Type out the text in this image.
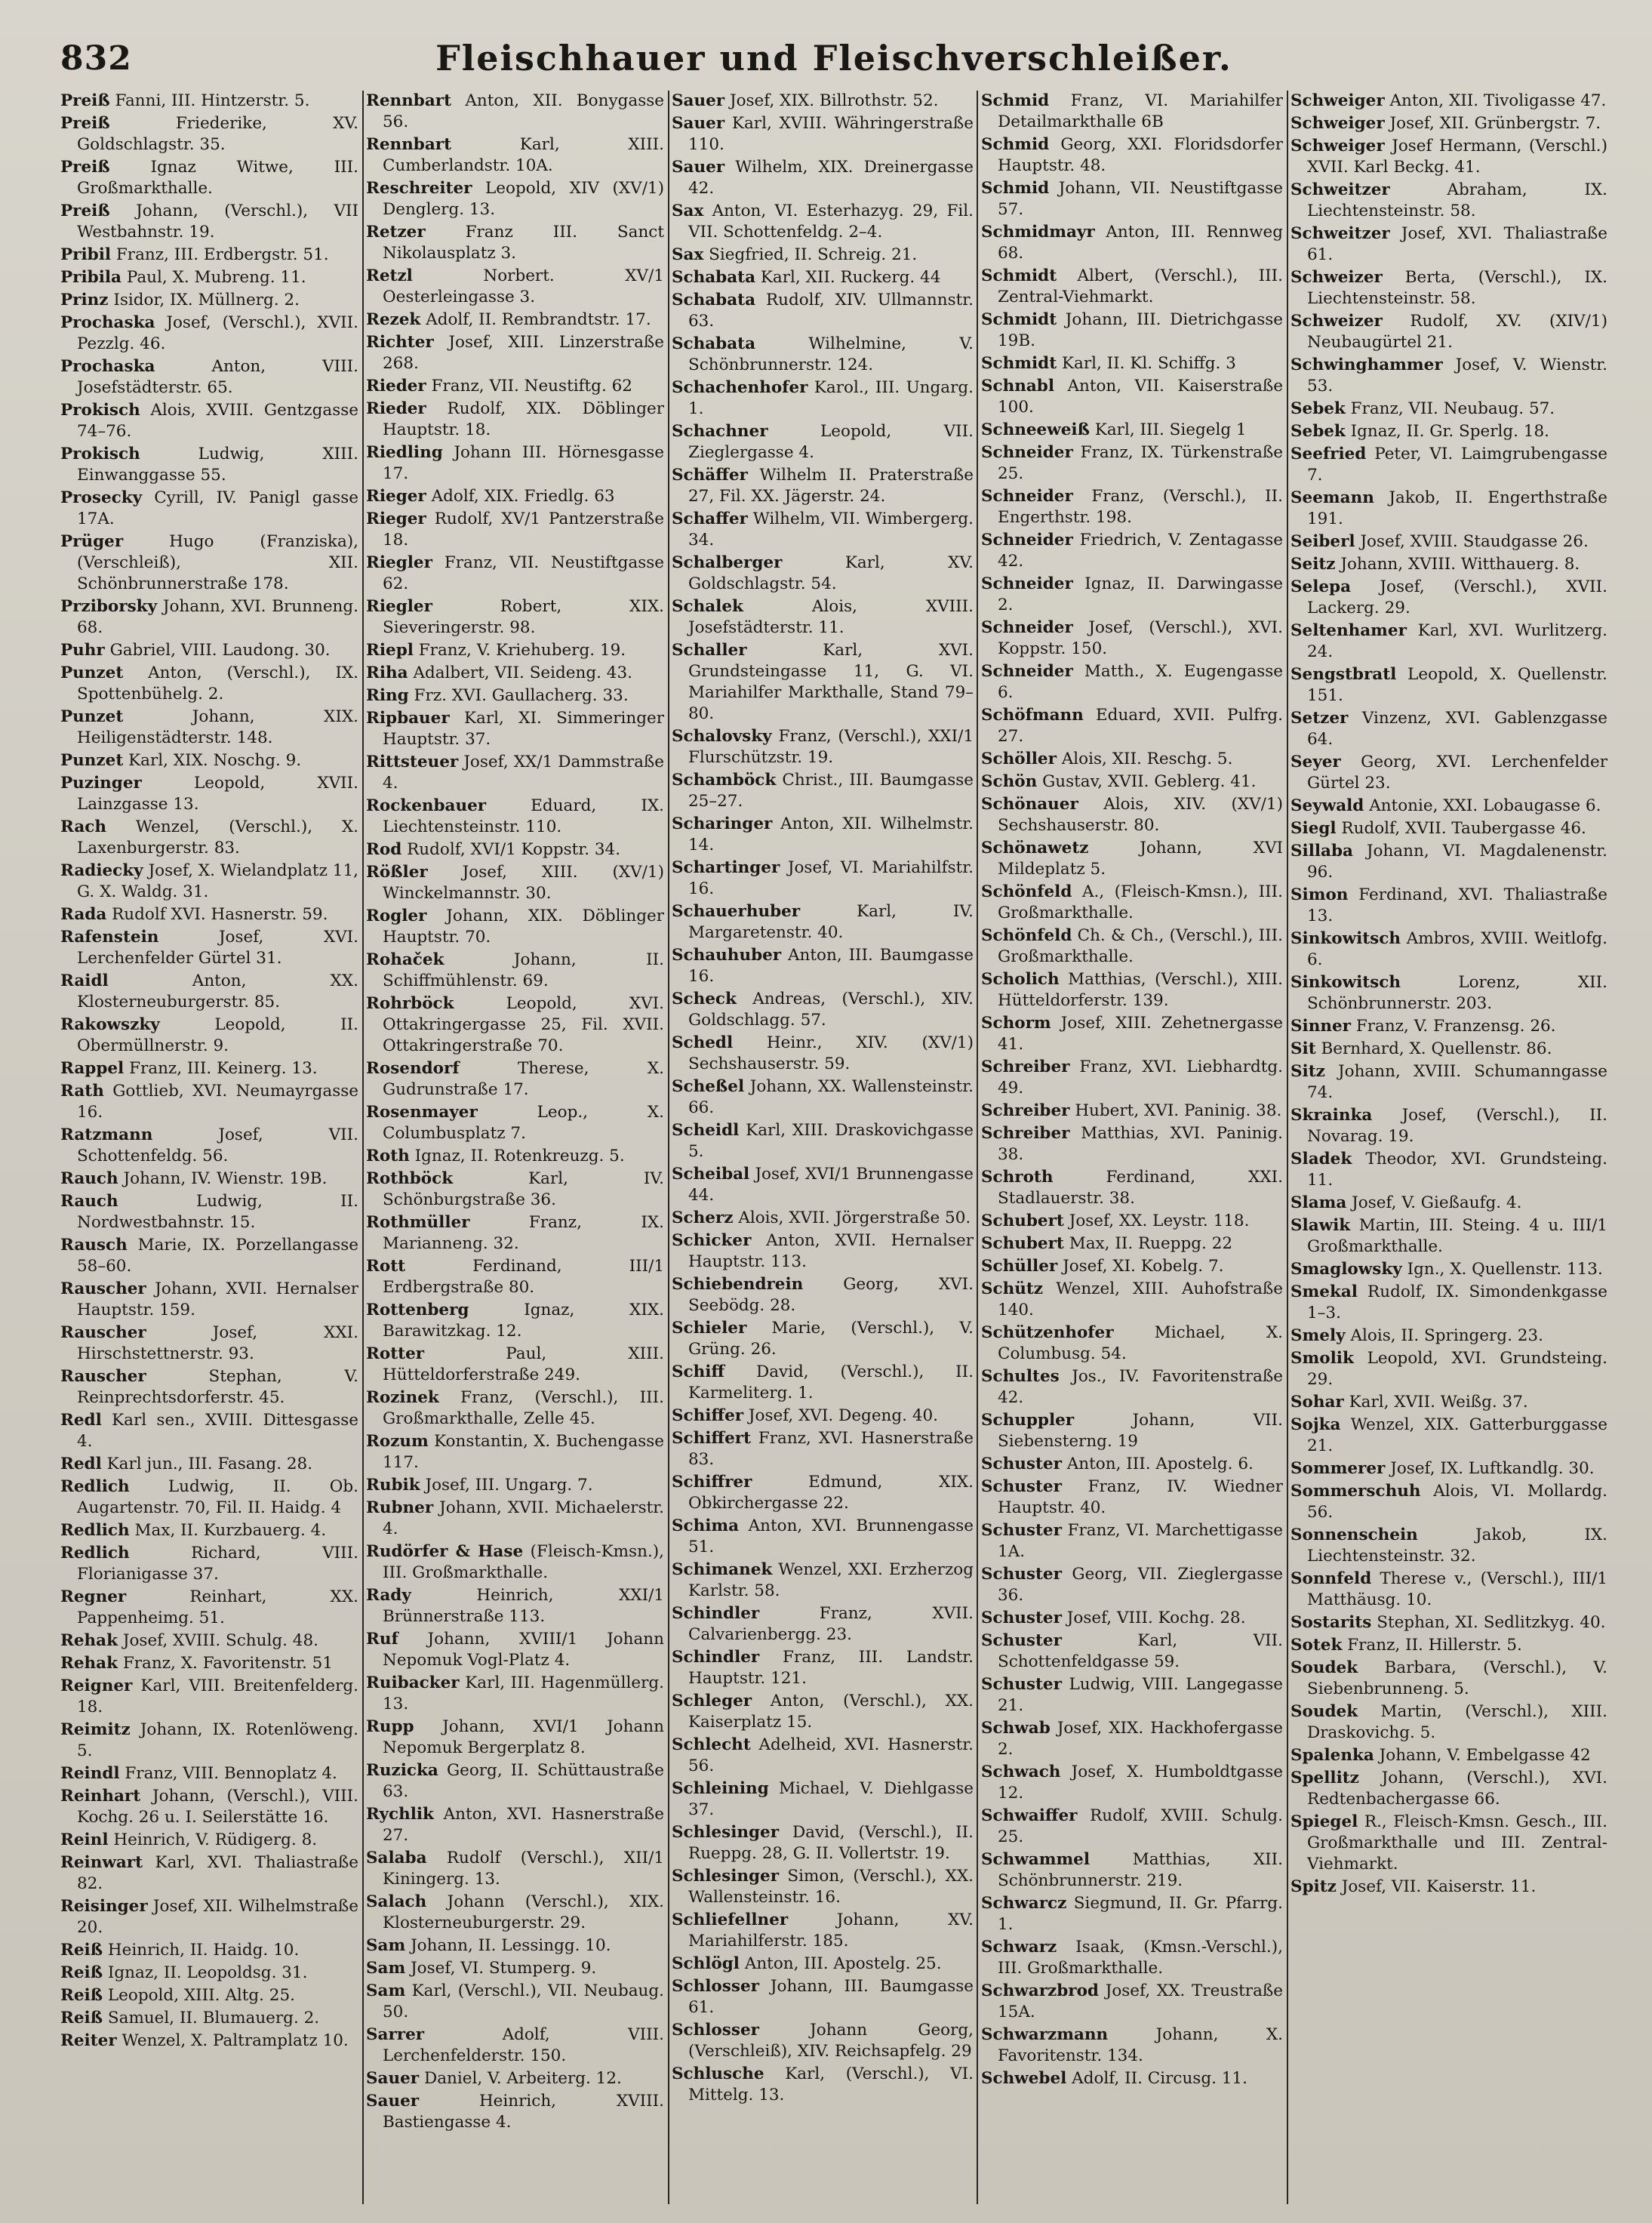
832	Fleischhauer und Fleischverschleißer.
Preiß Fanni, III. Hintzerstr. 5.
Preiß	Friederike, XV. Goldschlagstr. 35.
Preiß	Ignaz Witwe, III. Großmarkthalle.
Preiß Johann, (Verschl.), VII Westbahnstr. 19.
Pribil Franz, III. Erdbergstr. 51.
Pribila Paul, X. Mubreng. 11.
Prinz Isidor, IX. Müllnerg. 2.
Prochaska Josef, (Verschl.), XVII. Pezzlg. 46.
Prochaska	Anton, VIII. Josefstädterstr. 65.
Prokisch Alois, XVIII. Gentzgasse 74–76.
Prokisch	Ludwig, XIII. Einwanggasse 55.
Prosecky Cyrill, IV. Panigl gasse 17A.
Prüger	Hugo (Franziska), (Verschleiß), XII. Schönbrunnerstraße 178.
Prziborsky Johann, XVI. Brunneng. 68.
Puhr Gabriel, VIII. Laudong. 30.
Punzet Anton, (Verschl.), IX. Spottenbühelg. 2.
Punzet	Johann, XIX. Heiligenstädterstr. 148.
Punzet Karl, XIX. Noschg. 9.
Puzinger	Leopold, XVII. Lainzgasse 13.
Rach Wenzel, (Verschl.), X. Laxenburgerstr. 83.
Radiecky Josef, X. Wielandplatz 11, G. X. Waldg. 31.
Rada Rudolf XVI. Hasnerstr. 59.
Rafenstein	Josef, XVI. Lerchenfelder Gürtel 31.
Raidl	Anton, XX. Klosterneuburgerstr. 85.
Rakowszky	Leopold, II. Obermüllnerstr. 9.
Rappel Franz, III. Keinerg. 13.
Rath Gottlieb, XVI. Neumayrgasse 16.
Ratzmann	Josef, VII. Schottenfeldg. 56.
Rauch Johann, IV. Wienstr. 19B.
Rauch	Ludwig, II. Nordwestbahnstr. 15.
Rausch Marie, IX. Porzellangasse 58–60.
Rauscher Johann, XVII. Hernalser Hauptstr. 159.
Rauscher	Josef, XXI. Hirschstettnerstr. 93.
Rauscher	Stephan, V. Reinprechtsdorferstr. 45.
Redl Karl sen., XVIII. Dittesgasse 4.
Redl Karl jun., III. Fasang. 28.
Redlich Ludwig, II. Ob. Augartenstr. 70, Fil. II. Haidg. 4
Redlich Max, II. Kurzbauerg. 4.
Redlich	Richard, VIII. Florianigasse 37.
Regner	Reinhart, XX. Pappenheimg. 51.
Rehak Josef, XVIII. Schulg. 48.
Rehak Franz, X. Favoritenstr. 51
Reigner Karl, VIII. Breitenfelderg. 18.
Reimitz Johann, IX. Rotenlöweng. 5.
Reindl Franz, VIII. Bennoplatz 4.
Reinhart Johann, (Verschl.), VIII. Kochg. 26 u. I. Seilerstätte 16.
Reinl Heinrich, V. Rüdigerg. 8.
Reinwart Karl, XVI. Thaliastraße 82.
Reisinger Josef, XII. Wilhelmstraße 20.
Reiß Heinrich, II. Haidg. 10.
Reiß Ignaz, II. Leopoldsg. 31.
Reiß Leopold, XIII. Altg. 25.
Reiß Samuel, II. Blumauerg. 2.
Reiter Wenzel, X. Paltramplatz 10.
Rennbart Anton, XII. Bonygasse 56.
Rennbart	Karl, XIII. Cumberlandstr. 10A.
Reschreiter Leopold, XIV (XV/1) Denglerg. 13.
Retzer Franz III. Sanct Nikolausplatz 3.
Retzl	Norbert. XV/1 Oesterleingasse 3.
Rezek Adolf, II. Rembrandtstr. 17.
Richter Josef, XIII. Linzerstraße 268.
Rieder Franz, VII. Neustiftg. 62
Rieder Rudolf, XIX. Döblinger Hauptstr. 18.
Riedling Johann III. Hörnesgasse 17.
Rieger Adolf, XIX. Friedlg. 63
Rieger Rudolf, XV/1 Pantzerstraße 18.
Riegler Franz, VII. Neustiftgasse 62.
Riegler	Robert, XIX. Sieveringerstr. 98.
Riepl Franz, V. Kriehuberg. 19.
Riha Adalbert, VII. Seideng. 43.
Ring Frz. XVI. Gaullacherg. 33.
Ripbauer Karl, XI. Simmeringer Hauptstr. 37.
Rittsteuer Josef, XX/1 Dammstraße 4.
Rockenbauer	Eduard, IX. Liechtensteinstr. 110.
Rod Rudolf, XVI/1 Koppstr. 34.
Rößler Josef, XIII. (XV/1) Winckelmannstr. 30.
Rogler Johann, XIX. Döblinger Hauptstr. 70.
Rohaček	Johann, II. Schiffmühlenstr. 69.
Rohrböck	Leopold, XVI. Ottakringergasse 25, Fil. XVII. Ottakringerstraße 70.
Rosendorf	Therese, X. Gudrunstraße 17.
Rosenmayer	Leop., X. Columbusplatz 7.
Roth Ignaz, II. Rotenkreuzg. 5.
Rothböck	Karl, IV. Schönburgstraße 36.
Rothmüller	Franz, IX. Marianneng. 32.
Rott	Ferdinand, III/1 Erdbergstraße 80.
Rottenberg	Ignaz, XIX. Barawitzkag. 12.
Rotter	Paul, XIII. Hütteldorferstraße 249.
Rozinek Franz, (Verschl.), III. Großmarkthalle, Zelle 45.
Rozum Konstantin, X. Buchengasse 117.
Rubik Josef, III. Ungarg. 7.
Rubner Johann, XVII. Michaelerstr. 4.
Rudörfer & Hase (Fleisch-Kmsn.), III. Großmarkthalle.
Rady	Heinrich, XXI/1 Brünnerstraße 113.
Ruf Johann, XVIII/1 Johann Nepomuk Vogl-Platz 4.
Ruibacker Karl, III. Hagenmüllerg. 13.
Rupp Johann, XVI/1 Johann Nepomuk Bergerplatz 8.
Ruzicka Georg, II. Schüttaustraße 63.
Rychlik Anton, XVI. Hasnerstraße 27.
Salaba Rudolf (Verschl.), XII/1 Kiningerg. 13.
Salach Johann (Verschl.), XIX. Klosterneuburgerstr. 29.
Sam Johann, II. Lessingg. 10.
Sam Josef, VI. Stumperg. 9.
Sam Karl, (Verschl.), VII. Neubaug. 50.
Sarrer	Adolf, VIII. Lerchenfelderstr. 150.
Sauer Daniel, V. Arbeiterg. 12.
Sauer	Heinrich, XVIII. Bastiengasse 4.
Sauer Josef, XIX. Billrothstr. 52.
Sauer Karl, XVIII. Währingerstraße 110.
Sauer Wilhelm, XIX. Dreinergasse 42.
Sax Anton, VI. Esterhazyg. 29, Fil. VII. Schottenfeldg. 2–4.
Sax Siegfried, II. Schreig. 21.
Schabata Karl, XII. Ruckerg. 44
Schabata Rudolf, XIV. Ullmannstr. 63.
Schabata	Wilhelmine, V. Schönbrunnerstr. 124.
Schachenhofer Karol., III. Ungarg. 1.
Schachner	Leopold, VII. Zieglergasse 4.
Schäffer Wilhelm II. Praterstraße 27, Fil. XX. Jägerstr. 24.
Schaffer Wilhelm, VII. Wimbergerg. 34.
Schalberger	Karl, XV. Goldschlagstr. 54.
Schalek	Alois, XVIII. Josefstädterstr. 11.
Schaller	Karl, XVI. Grundsteingasse 11, G. VI. Mariahilfer Markthalle, Stand 79–80.
Schalovsky Franz, (Verschl.), XXI/1 Flurschützstr. 19.
Schamböck Christ., III. Baumgasse 25–27.
Scharinger Anton, XII. Wilhelmstr. 14.
Schartinger Josef, VI. Mariahilfstr. 16.
Schauerhuber	Karl, IV. Margaretenstr. 40.
Schauhuber Anton, III. Baumgasse 16.
Scheck Andreas, (Verschl.), XIV. Goldschlagg. 57.
Schedl Heinr., XIV. (XV/1) Sechshauserstr. 59.
Scheßel Johann, XX. Wallensteinstr. 66.
Scheidl Karl, XIII. Draskovichgasse 5.
Scheibal Josef, XVI/1 Brunnengasse 44.
Scherz Alois, XVII. Jörgerstraße 50.
Schicker Anton, XVII. Hernalser Hauptstr. 113.
Schiebendrein Georg, XVI. Seebödg. 28.
Schieler Marie, (Verschl.), V. Grüng. 26.
Schiff David, (Verschl.), II. Karmeliterg. 1.
Schiffer Josef, XVI. Degeng. 40.
Schiffert Franz, XVI. Hasnerstraße 83.
Schiffrer	Edmund, XIX. Obkirchergasse 22.
Schima Anton, XVI. Brunnengasse 51.
Schimanek Wenzel, XXI. Erzherzog Karlstr. 58.
Schindler	Franz, XVII. Calvarienbergg. 23.
Schindler Franz, III. Landstr. Hauptstr. 121.
Schleger Anton, (Verschl.), XX. Kaiserplatz 15.
Schlecht Adelheid, XVI. Hasnerstr. 56.
Schleining Michael, V. Diehlgasse 37.
Schlesinger David, (Verschl.), II. Rueppg. 28, G. II. Vollertstr. 19.
Schlesinger Simon, (Verschl.), XX. Wallensteinstr. 16.
Schliefellner	Johann, XV. Mariahilferstr. 185.
Schlögl Anton, III. Apostelg. 25.
Schlosser Johann, III. Baumgasse 61.
Schlosser	Johann Georg, (Verschleiß), XIV. Reichsapfelg. 29
Schlusche Karl, (Verschl.), VI. Mittelg. 13.
Schmid Franz, VI. Mariahilfer Detailmarkthalle 6B
Schmid Georg, XXI. Floridsdorfer Hauptstr. 48.
Schmid Johann, VII. Neustiftgasse 57.
Schmidmayr Anton, III. Rennweg 68.
Schmidt Albert, (Verschl.), III. Zentral-Viehmarkt.
Schmidt Johann, III. Dietrichgasse 19B.
Schmidt Karl, II. Kl. Schiffg. 3
Schnabl Anton, VII. Kaiserstraße 100.
Schneeweiß Karl, III. Siegelg 1
Schneider Franz, IX. Türkenstraße 25.
Schneider Franz, (Verschl.), II. Engerthstr. 198.
Schneider Friedrich, V. Zentagasse 42.
Schneider Ignaz, II. Darwingasse 2.
Schneider Josef, (Verschl.), XVI. Koppstr. 150.
Schneider Matth., X. Eugengasse 6.
Schöfmann Eduard, XVII. Pulfrg. 27.
Schöller Alois, XII. Reschg. 5.
Schön Gustav, XVII. Geblerg. 41.
Schönauer Alois, XIV. (XV/1) Sechshauserstr. 80.
Schönawetz	Johann, XVI Mildeplatz 5.
Schönfeld A., (Fleisch-Kmsn.), III. Großmarkthalle.
Schönfeld Ch. & Ch., (Verschl.), III. Großmarkthalle.
Scholich Matthias, (Verschl.), XIII. Hütteldorferstr. 139.
Schorm Josef, XIII. Zehetnergasse 41.
Schreiber Franz, XVI. Liebhardtg. 49.
Schreiber Hubert, XVI. Paninig. 38.
Schreiber Matthias, XVI. Paninig. 38.
Schroth	Ferdinand, XXI. Stadlauerstr. 38.
Schubert Josef, XX. Leystr. 118.
Schubert Max, II. Rueppg. 22
Schüller Josef, XI. Kobelg. 7.
Schütz Wenzel, XIII. Auhofstraße 140.
Schützenhofer	Michael, X. Columbusg. 54.
Schultes Jos., IV. Favoritenstraße 42.
Schuppler	Johann, VII. Siebensterng. 19
Schuster Anton, III. Apostelg. 6.
Schuster Franz, IV. Wiedner Hauptstr. 40.
Schuster Franz, VI. Marchettigasse 1A.
Schuster Georg, VII. Zieglergasse 36.
Schuster Josef, VIII. Kochg. 28.
Schuster	Karl, VII. Schottenfeldgasse 59.
Schuster Ludwig, VIII. Langegasse 21.
Schwab Josef, XIX. Hackhofergasse 2.
Schwach Josef, X. Humboldtgasse 12.
Schwaiffer Rudolf, XVIII. Schulg. 25.
Schwammel	Matthias, XII. Schönbrunnerstr. 219.
Schwarcz Siegmund, II. Gr. Pfarrg. 1.
Schwarz Isaak, (Kmsn.-Verschl.), III. Großmarkthalle.
Schwarzbrod Josef, XX. Treustraße 15A.
Schwarzmann	Johann, X. Favoritenstr. 134.
Schwebel Adolf, II. Circusg. 11.
Schweiger Anton, XII. Tivoligasse 47.
Schweiger Josef, XII. Grünbergstr. 7.
Schweiger Josef Hermann, (Verschl.) XVII. Karl Beckg. 41.
Schweitzer	Abraham, IX. Liechtensteinstr. 58.
Schweitzer Josef, XVI. Thaliastraße 61.
Schweizer Berta, (Verschl.), IX. Liechtensteinstr. 58.
Schweizer Rudolf, XV. (XIV/1) Neubaugürtel 21.
Schwinghammer Josef, V. Wienstr. 53.
Sebek Franz, VII. Neubaug. 57.
Sebek Ignaz, II. Gr. Sperlg. 18.
Seefried Peter, VI. Laimgrubengasse 7.
Seemann Jakob, II. Engerthstraße 191.
Seiberl Josef, XVIII. Staudgasse 26.
Seitz Johann, XVIII. Witthauerg. 8.
Selepa Josef, (Verschl.), XVII. Lackerg. 29.
Seltenhamer Karl, XVI. Wurlitzerg. 24.
Sengstbratl Leopold, X. Quellenstr. 151.
Setzer Vinzenz, XVI. Gablenzgasse 64.
Seyer Georg, XVI. Lerchenfelder Gürtel 23.
Seywald Antonie, XXI. Lobaugasse 6.
Siegl Rudolf, XVII. Taubergasse 46.
Sillaba Johann, VI. Magdalenenstr. 96.
Simon Ferdinand, XVI. Thaliastraße 13.
Sinkowitsch Ambros, XVIII. Weitlofg. 6.
Sinkowitsch	Lorenz, XII. Schönbrunnerstr. 203.
Sinner Franz, V. Franzensg. 26.
Sit Bernhard, X. Quellenstr. 86.
Sitz Johann, XVIII. Schumanngasse 74.
Skrainka Josef, (Verschl.), II. Novarag. 19.
Sladek Theodor, XVI. Grundsteing. 11.
Slama Josef, V. Gießaufg. 4.
Slawik Martin, III. Steing. 4 u. III/1 Großmarkthalle.
Smaglowsky Ign., X. Quellenstr. 113.
Smekal Rudolf, IX. Simondenkgasse 1–3.
Smely Alois, II. Springerg. 23.
Smolik Leopold, XVI. Grundsteing. 29.
Sohar Karl, XVII. Weißg. 37.
Sojka Wenzel, XIX. Gatterburggasse 21.
Sommerer Josef, IX. Luftkandlg. 30.
Sommerschuh Alois, VI. Mollardg. 56.
Sonnenschein	Jakob, IX. Liechtensteinstr. 32.
Sonnfeld Therese v., (Verschl.), III/1 Matthäusg. 10.
Sostarits Stephan, XI. Sedlitzkyg. 40.
Sotek Franz, II. Hillerstr. 5.
Soudek Barbara, (Verschl.), V. Siebenbrunneng. 5.
Soudek Martin, (Verschl.), XIII. Draskovichg. 5.
Spalenka Johann, V. Embelgasse 42
Spellitz Johann, (Verschl.), XVI. Redtenbachergasse 66.
Spiegel R., Fleisch-Kmsn. Gesch., III. Großmarkthalle und III. Zentral-Viehmarkt.
Spitz Josef, VII. Kaiserstr. 11.
